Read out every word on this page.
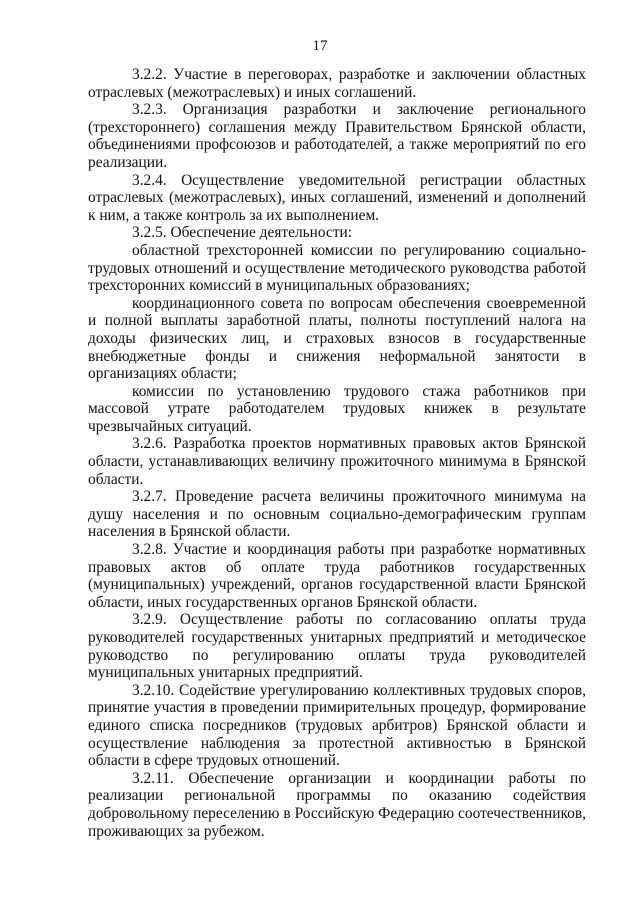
17

3.2.2. Участие в переговорах, разработке и заключении областных отраслевых (межотраслевых) и иных соглашений.

3.2.3. Организация разработки и заключение регионального (трехстороннего) соглашения между Правительством Брянской области, объединениями профсоюзов и работодателей, а также мероприятий по его реализации.

3.2.4. Осуществление уведомительной регистрации областных отраслевых (межотраслевых), иных соглашений, изменений и дополнений к ним, а также контроль за их выполнением.

3.2.5. Обеспечение деятельности:

областной трехсторонней комиссии по регулированию социально-трудовых отношений и осуществление методического руководства работой трехсторонних комиссий в муниципальных образованиях;

координационного совета по вопросам обеспечения своевременной и полной выплаты заработной платы, полноты поступлений налога на доходы физических лиц, и страховых взносов в государственные внебюджетные фонды и снижения неформальной занятости в организациях области;

комиссии по установлению трудового стажа работников при массовой утрате работодателем трудовых книжек в результате чрезвычайных ситуаций.

3.2.6. Разработка проектов нормативных правовых актов Брянской области, устанавливающих величину прожиточного минимума в Брянской области.

3.2.7. Проведение расчета величины прожиточного минимума на душу населения и по основным социально-демографическим группам населения в Брянской области.

3.2.8. Участие и координация работы при разработке нормативных правовых актов об оплате труда работников государственных (муниципальных) учреждений, органов государственной власти Брянской области, иных государственных органов Брянской области.

3.2.9. Осуществление работы по согласованию оплаты труда руководителей государственных унитарных предприятий и методическое руководство по регулированию оплаты труда руководителей муниципальных унитарных предприятий.

3.2.10. Содействие урегулированию коллективных трудовых споров, принятие участия в проведении примирительных процедур, формирование единого списка посредников (трудовых арбитров) Брянской области и осуществление наблюдения за протестной активностью в Брянской области в сфере трудовых отношений.

3.2.11. Обеспечение организации и координации работы по реализации региональной программы по оказанию содействия добровольному переселению в Российскую Федерацию соотечественников, проживающих за рубежом.
